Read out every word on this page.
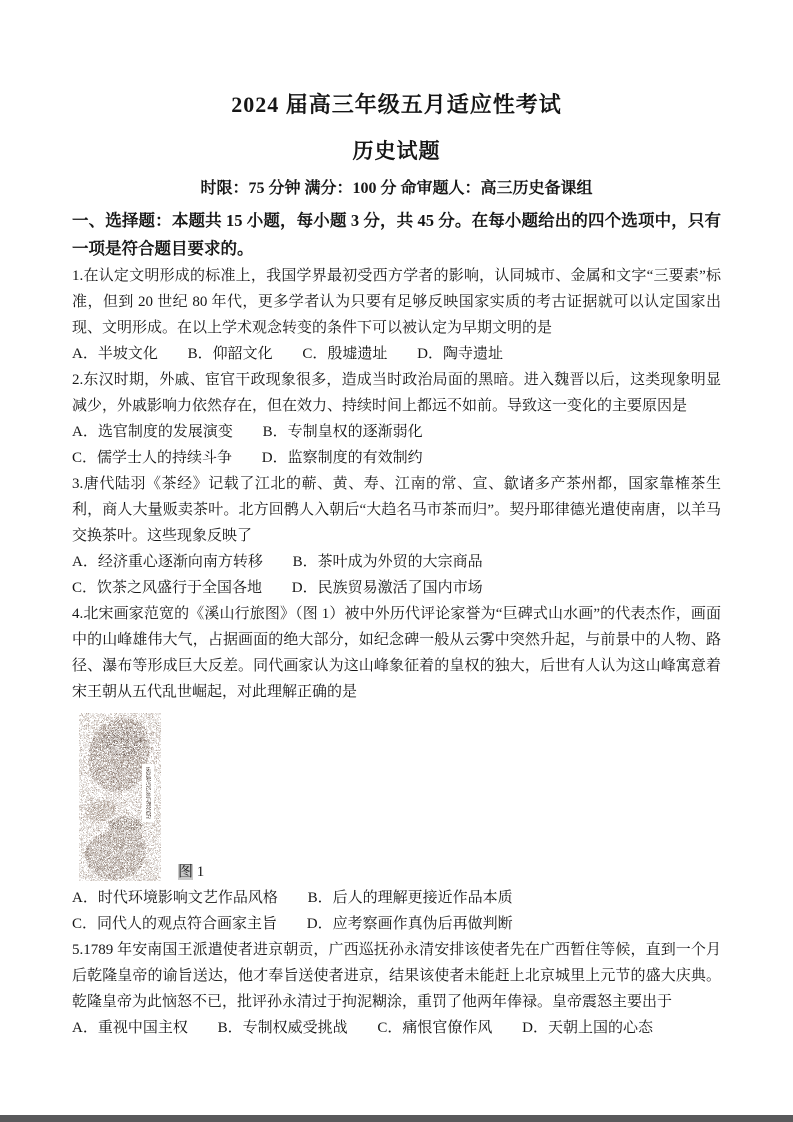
2024 届高三年级五月适应性考试
历史试题
时限：75 分钟 满分：100 分 命审题人：高三历史备课组
一、选择题：本题共 15 小题，每小题 3 分，共 45 分。在每小题给出的四个选项中，只有一项是符合题目要求的。

1.在认定文明形成的标准上，我国学界最初受西方学者的影响，认同城市、金属和文字“三要素”标准，但到 20 世纪 80 年代，更多学者认为只要有足够反映国家实质的考古证据就可以认定国家出现、文明形成。在以上学术观念转变的条件下可以被认定为早期文明的是

A．半坡文化 B．仰韶文化 C．殷墟遗址 D．陶寺遗址

2.东汉时期，外戚、宦官干政现象很多，造成当时政治局面的黑暗。进入魏晋以后，这类现象明显减少，外戚影响力依然存在，但在效力、持续时间上都远不如前。导致这一变化的主要原因是

A．选官制度的发展演变 B．专制皇权的逐渐弱化
C．儒学士人的持续斗争 D．监察制度的有效制约

3.唐代陆羽《茶经》记载了江北的蕲、黄、寿、江南的常、宣、歙诸多产茶州都，国家靠榷茶生利，商人大量贩卖茶叶。北方回鹘人入朝后“大趋名马市茶而归”。契丹耶律德光遣使南唐，以羊马交换茶叶。这些现象反映了

A．经济重心逐渐向南方转移 B．茶叶成为外贸的大宗商品
C．饮茶之风盛行于全国各地 D．民族贸易激活了国内市场

4.北宋画家范宽的《溪山行旅图》（图 1）被中外历代评论家誉为“巨碑式山水画”的代表杰作，画面中的山峰雄伟大气，占据画面的绝大部分，如纪念碑一般从云雾中突然升起，与前景中的人物、路径、瀑布等形成巨大反差。同代画家认为这山峰象征着的皇权的独大，后世有人认为这山峰寓意着宋王朝从五代乱世崛起，对此理解正确的是

图 1
A．时代环境影响文艺作品风格 B．后人的理解更接近作品本质
C．同代人的观点符合画家主旨 D．应考察画作真伪后再做判断

5.1789 年安南国王派遣使者进京朝贡，广西巡抚孙永清安排该使者先在广西暂住等候，直到一个月后乾隆皇帝的谕旨送达，他才奉旨送使者进京，结果该使者未能赶上北京城里上元节的盛大庆典。乾隆皇帝为此恼怒不已，批评孙永清过于拘泥糊涂，重罚了他两年俸禄。皇帝震怒主要出于

A．重视中国主权 B．专制权威受挑战 C．痛恨官僚作风 D．天朝上国的心态
